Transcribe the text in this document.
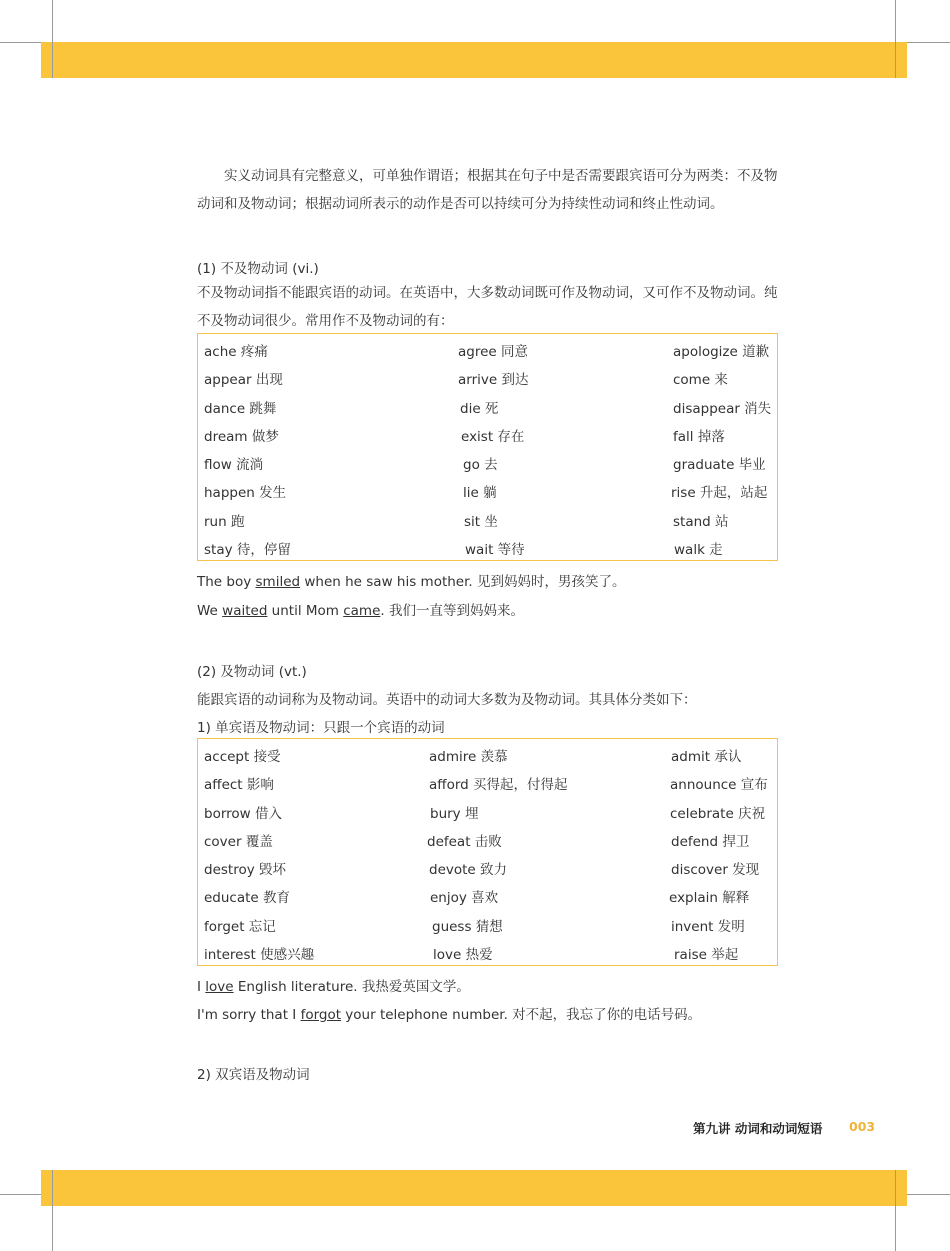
实义动词具有完整意义，可单独作谓语；根据其在句子中是否需要跟宾语可分为两类：不及物动词和及物动词；根据动词所表示的动作是否可以持续可分为持续性动词和终止性动词。

(1) 不及物动词 (vi.)

不及物动词指不能跟宾语的动词。在英语中，大多数动词既可作及物动词，又可作不及物动词。纯不及物动词很少。常用作不及物动词的有：

ache 疼痛	agree 同意	apologize 道歉
appear 出现	arrive 到达	come 来
dance 跳舞	die 死	disappear 消失
dream 做梦	exist 存在	fall 掉落
flow 流淌	go 去	graduate 毕业
happen 发生	lie 躺	rise 升起，站起
run 跑	sit 坐	stand 站
stay 待，停留	wait 等待	walk 走
The boy smiled when he saw his mother. 见到妈妈时，男孩笑了。
We waited until Mom came. 我们一直等到妈妈来。
(2) 及物动词 (vt.)
能跟宾语的动词称为及物动词。英语中的动词大多数为及物动词。其具体分类如下：
1) 单宾语及物动词：只跟一个宾语的动词
accept 接受	admire 羡慕	admit 承认
affect 影响	afford 买得起，付得起	announce 宣布
borrow 借入	bury 埋	celebrate 庆祝
cover 覆盖	defeat 击败	defend 捍卫
destroy 毁坏	devote 致力	discover 发现
educate 教育	enjoy 喜欢	explain 解释
forget 忘记	guess 猜想	invent 发明
interest 使感兴趣	love 热爱	raise 举起
I love English literature. 我热爱英国文学。
I'm sorry that I forgot your telephone number. 对不起，我忘了你的电话号码。
2) 双宾语及物动词
第九讲 动词和动词短语 003
